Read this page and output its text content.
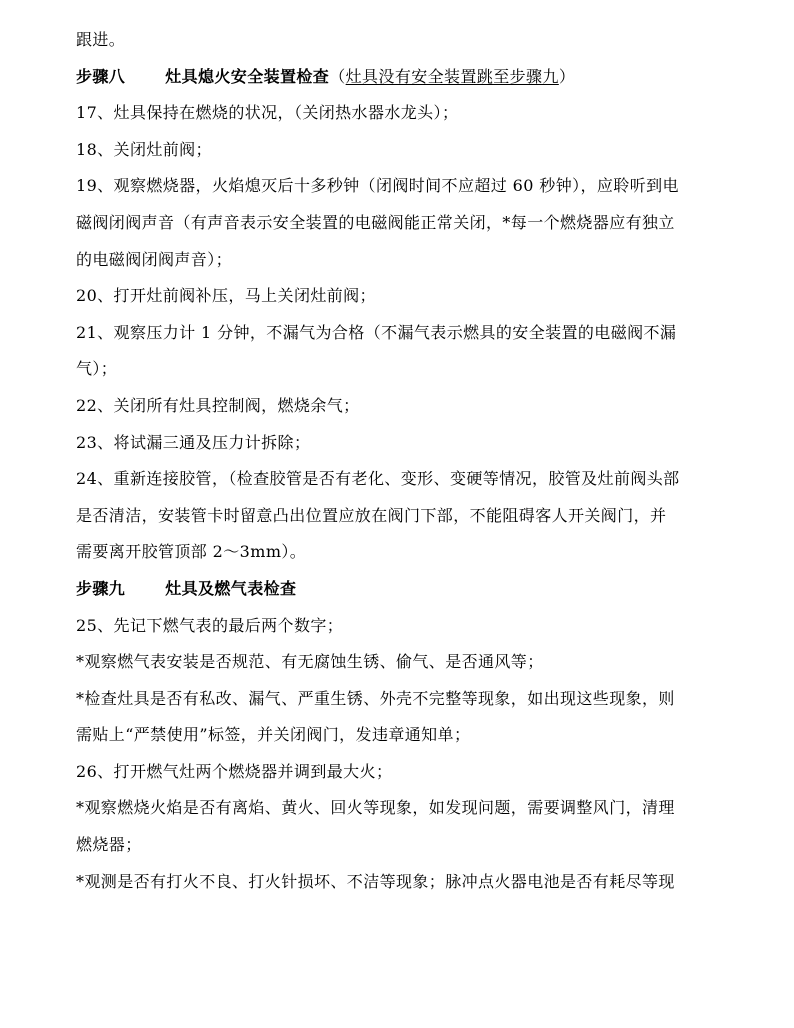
跟进。
步骤八	灶具熄火安全装置检查（灶具没有安全装置跳至步骤九）
17、灶具保持在燃烧的状况，（关闭热水器水龙头）；
18、关闭灶前阀；
19、观察燃烧器，火焰熄灭后十多秒钟（闭阀时间不应超过 60 秒钟），应聆听到电
磁阀闭阀声音（有声音表示安全装置的电磁阀能正常关闭，*每一个燃烧器应有独立
的电磁阀闭阀声音）；
20、打开灶前阀补压，马上关闭灶前阀；
21、观察压力计 1 分钟，不漏气为合格（不漏气表示燃具的安全装置的电磁阀不漏
气）；
22、关闭所有灶具控制阀，燃烧余气；
23、将试漏三通及压力计拆除；
24、重新连接胶管，（检查胶管是否有老化、变形、变硬等情况，胶管及灶前阀头部
是否清洁，安装管卡时留意凸出位置应放在阀门下部，不能阻碍客人开关阀门，并
需要离开胶管顶部 2～3mm）。
步骤九	灶具及燃气表检查
25、先记下燃气表的最后两个数字；
*观察燃气表安装是否规范、有无腐蚀生锈、偷气、是否通风等；
*检查灶具是否有私改、漏气、严重生锈、外壳不完整等现象，如出现这些现象，则
需贴上“严禁使用”标签，并关闭阀门，发违章通知单；
26、打开燃气灶两个燃烧器并调到最大火；
*观察燃烧火焰是否有离焰、黄火、回火等现象，如发现问题，需要调整风门，清理
燃烧器；
*观测是否有打火不良、打火针损坏、不洁等现象；脉冲点火器电池是否有耗尽等现
